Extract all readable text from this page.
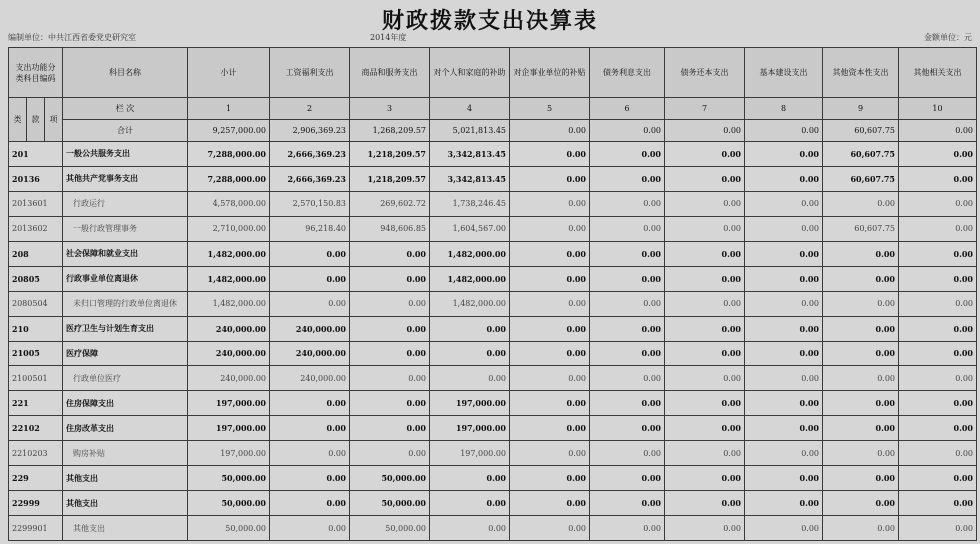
财政拨款支出决算表
编制单位：中共江西省委党史研究室	2014年度	金额单位：元
支出功能分类科目编码			科目名称	小计	工资福利支出	商品和服务支出	对个人和家庭的补助	对企事业单位的补贴	债务利息支出	债务还本支出	基本建设支出	其他资本性支出	其他相关支出
类	款	项	栏 次	1	2	3	4	5	6	7	8	9	10
			合计	9,257,000.00	2,906,369.23	1,268,209.57	5,021,813.45	0.00	0.00	0.00	0.00	60,607.75	0.00
201			一般公共服务支出	7,288,000.00	2,666,369.23	1,218,209.57	3,342,813.45	0.00	0.00	0.00	0.00	60,607.75	0.00
20136			其他共产党事务支出	7,288,000.00	2,666,369.23	1,218,209.57	3,342,813.45	0.00	0.00	0.00	0.00	60,607.75	0.00
2013601			行政运行	4,578,000.00	2,570,150.83	269,602.72	1,738,246.45	0.00	0.00	0.00	0.00	0.00	0.00
2013602			一般行政管理事务	2,710,000.00	96,218.40	948,606.85	1,604,567.00	0.00	0.00	0.00	0.00	60,607.75	0.00
208			社会保障和就业支出	1,482,000.00	0.00	0.00	1,482,000.00	0.00	0.00	0.00	0.00	0.00	0.00
20805			行政事业单位离退休	1,482,000.00	0.00	0.00	1,482,000.00	0.00	0.00	0.00	0.00	0.00	0.00
2080504			未归口管理的行政单位离退休	1,482,000.00	0.00	0.00	1,482,000.00	0.00	0.00	0.00	0.00	0.00	0.00
210			医疗卫生与计划生育支出	240,000.00	240,000.00	0.00	0.00	0.00	0.00	0.00	0.00	0.00	0.00
21005			医疗保障	240,000.00	240,000.00	0.00	0.00	0.00	0.00	0.00	0.00	0.00	0.00
2100501			行政单位医疗	240,000.00	240,000.00	0.00	0.00	0.00	0.00	0.00	0.00	0.00	0.00
221			住房保障支出	197,000.00	0.00	0.00	197,000.00	0.00	0.00	0.00	0.00	0.00	0.00
22102			住房改革支出	197,000.00	0.00	0.00	197,000.00	0.00	0.00	0.00	0.00	0.00	0.00
2210203			购房补贴	197,000.00	0.00	0.00	197,000.00	0.00	0.00	0.00	0.00	0.00	0.00
229			其他支出	50,000.00	0.00	50,000.00	0.00	0.00	0.00	0.00	0.00	0.00	0.00
22999			其他支出	50,000.00	0.00	50,000.00	0.00	0.00	0.00	0.00	0.00	0.00	0.00
2299901			其他支出	50,000.00	0.00	50,000.00	0.00	0.00	0.00	0.00	0.00	0.00	0.00
